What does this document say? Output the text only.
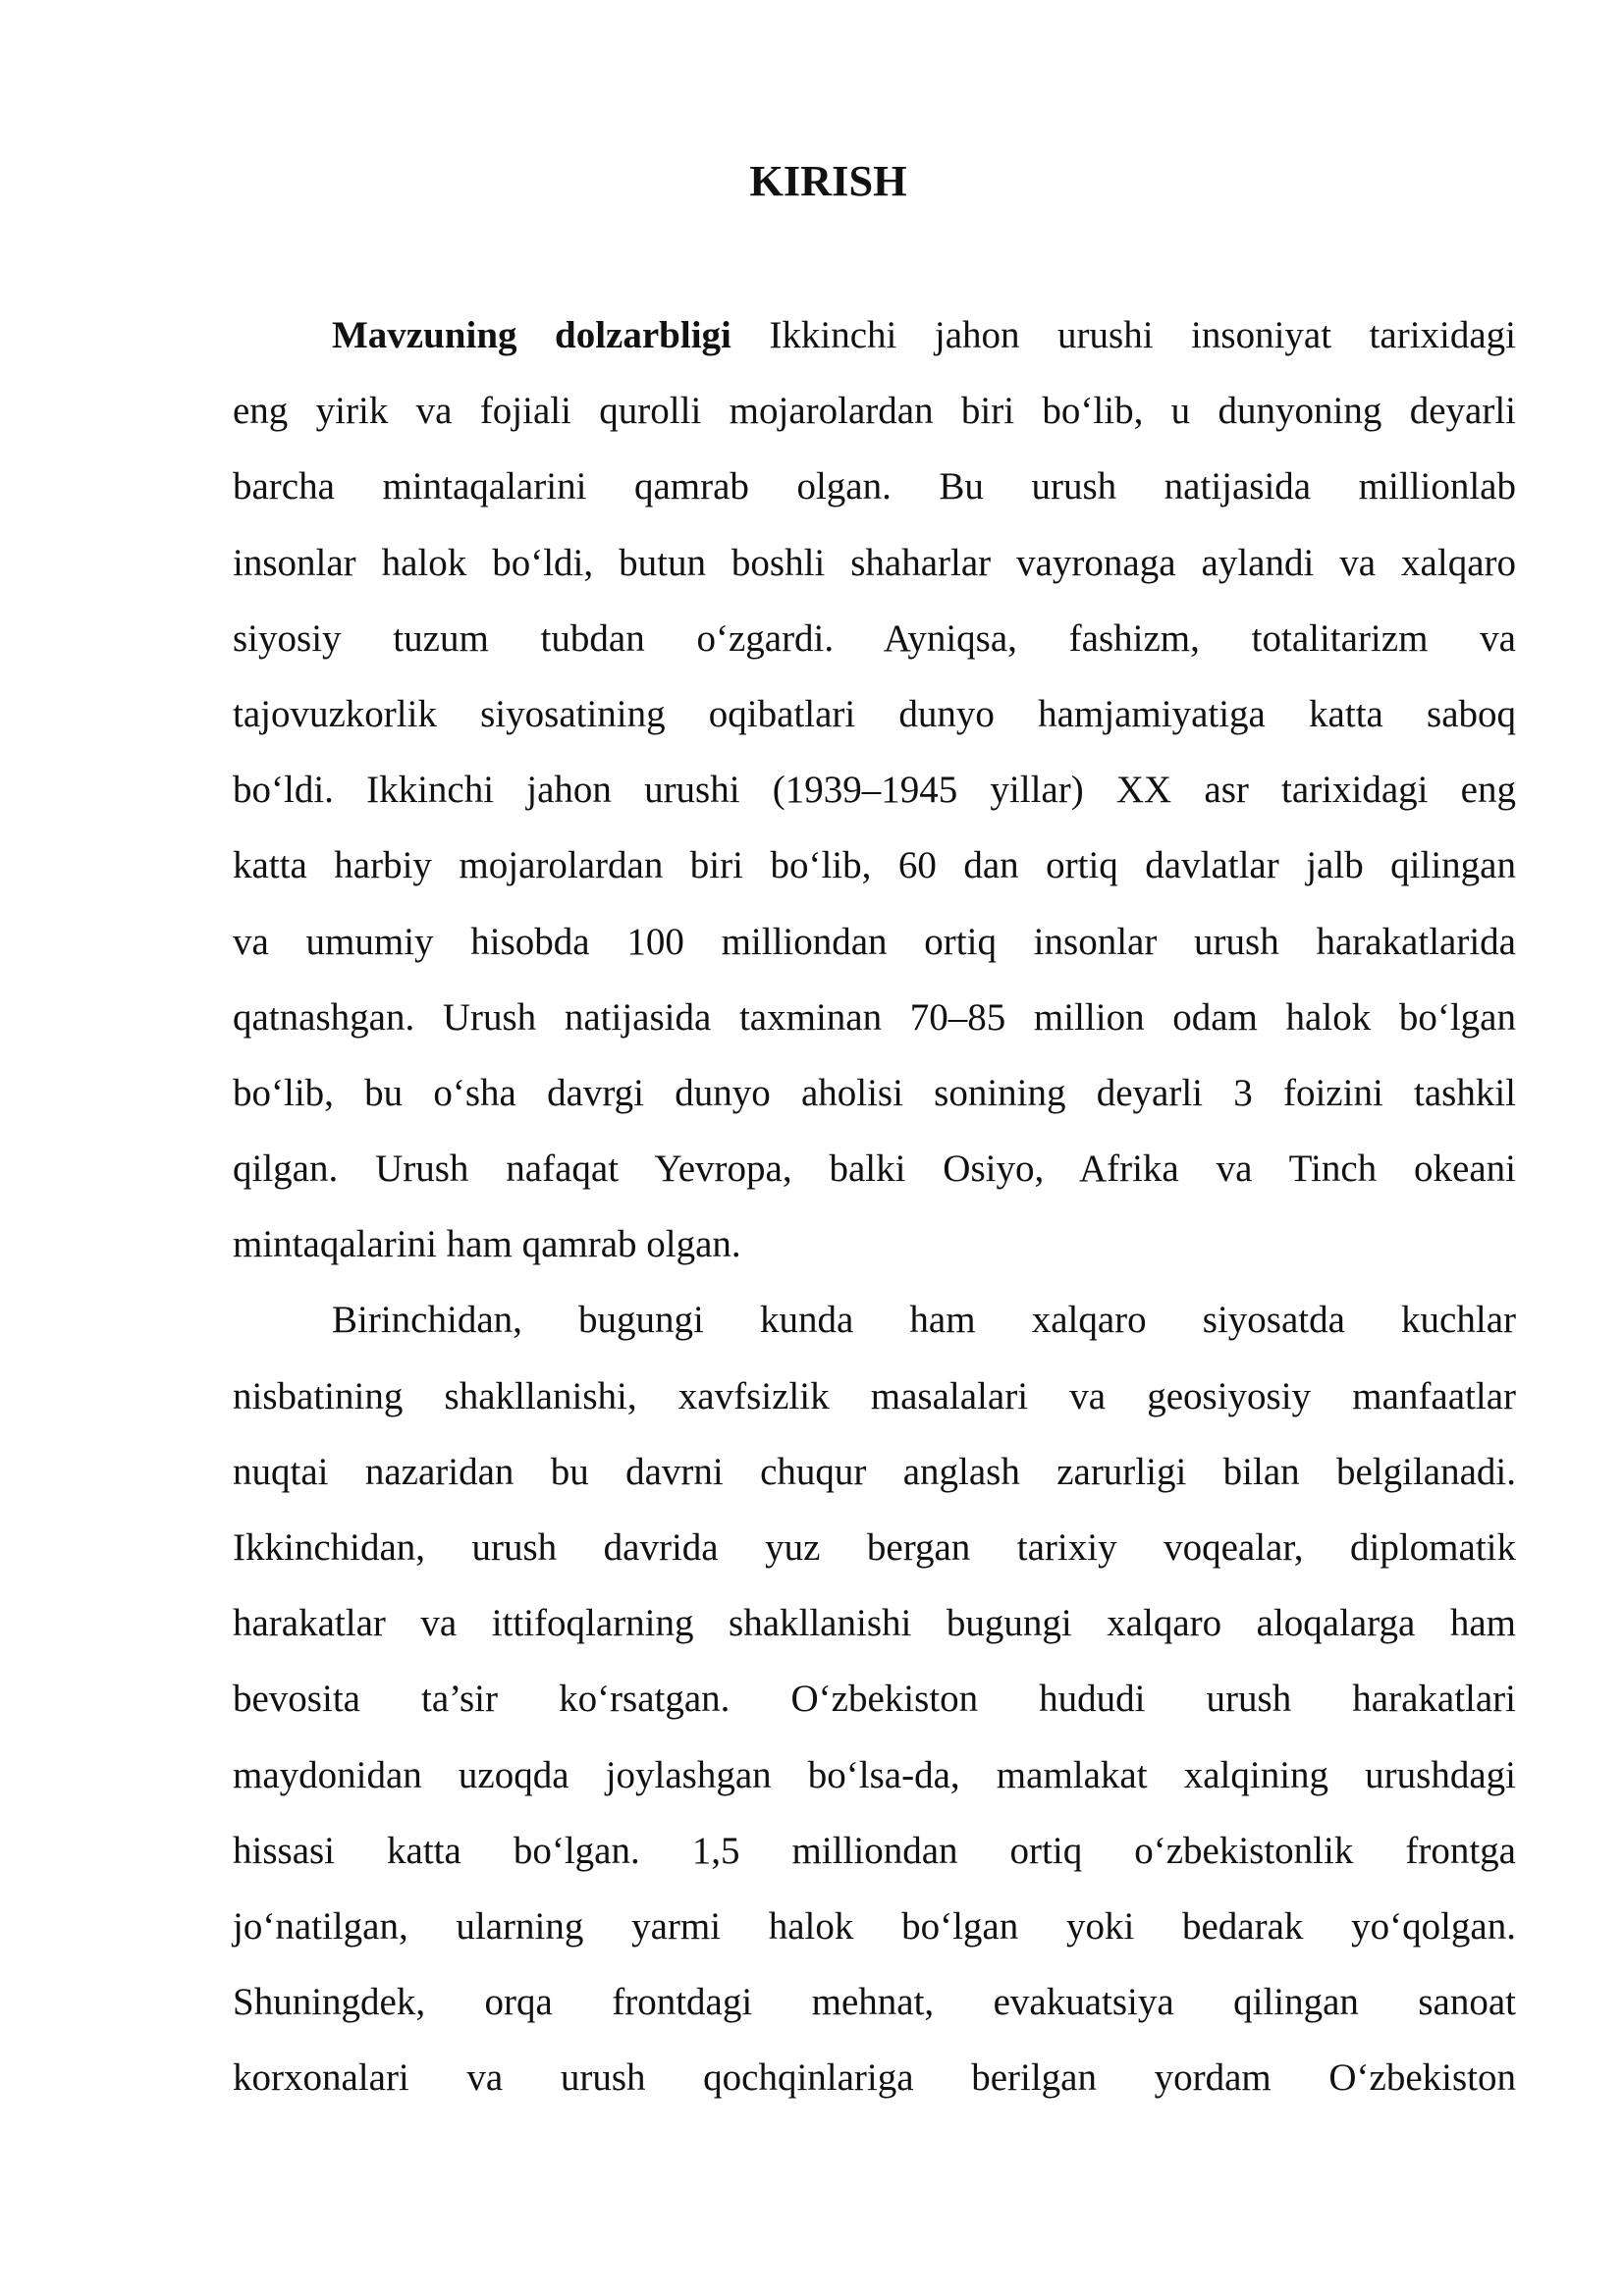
KIRISH
Mavzuning dolzarbligi Ikkinchi jahon urushi insoniyat tarixidagi
eng yirik va fojiali qurolli mojarolardan biri bo‘lib, u dunyoning deyarli
barcha mintaqalarini qamrab olgan. Bu urush natijasida millionlab
insonlar halok bo‘ldi, butun boshli shaharlar vayronaga aylandi va xalqaro
siyosiy tuzum tubdan o‘zgardi. Ayniqsa, fashizm, totalitarizm va
tajovuzkorlik siyosatining oqibatlari dunyo hamjamiyatiga katta saboq
bo‘ldi. Ikkinchi jahon urushi (1939–1945 yillar) XX asr tarixidagi eng
katta harbiy mojarolardan biri bo‘lib, 60 dan ortiq davlatlar jalb qilingan
va umumiy hisobda 100 milliondan ortiq insonlar urush harakatlarida
qatnashgan. Urush natijasida taxminan 70–85 million odam halok bo‘lgan
bo‘lib, bu o‘sha davrgi dunyo aholisi sonining deyarli 3 foizini tashkil
qilgan. Urush nafaqat Yevropa, balki Osiyo, Afrika va Tinch okeani
mintaqalarini ham qamrab olgan.
Birinchidan, bugungi kunda ham xalqaro siyosatda kuchlar
nisbatining shakllanishi, xavfsizlik masalalari va geosiyosiy manfaatlar
nuqtai nazaridan bu davrni chuqur anglash zarurligi bilan belgilanadi.
Ikkinchidan, urush davrida yuz bergan tarixiy voqealar, diplomatik
harakatlar va ittifoqlarning shakllanishi bugungi xalqaro aloqalarga ham
bevosita ta’sir ko‘rsatgan. O‘zbekiston hududi urush harakatlari
maydonidan uzoqda joylashgan bo‘lsa-da, mamlakat xalqining urushdagi
hissasi katta bo‘lgan. 1,5 milliondan ortiq o‘zbekistonlik frontga
jo‘natilgan, ularning yarmi halok bo‘lgan yoki bedarak yo‘qolgan.
Shuningdek, orqa frontdagi mehnat, evakuatsiya qilingan sanoat
korxonalari va urush qochqinlariga berilgan yordam O‘zbekiston
